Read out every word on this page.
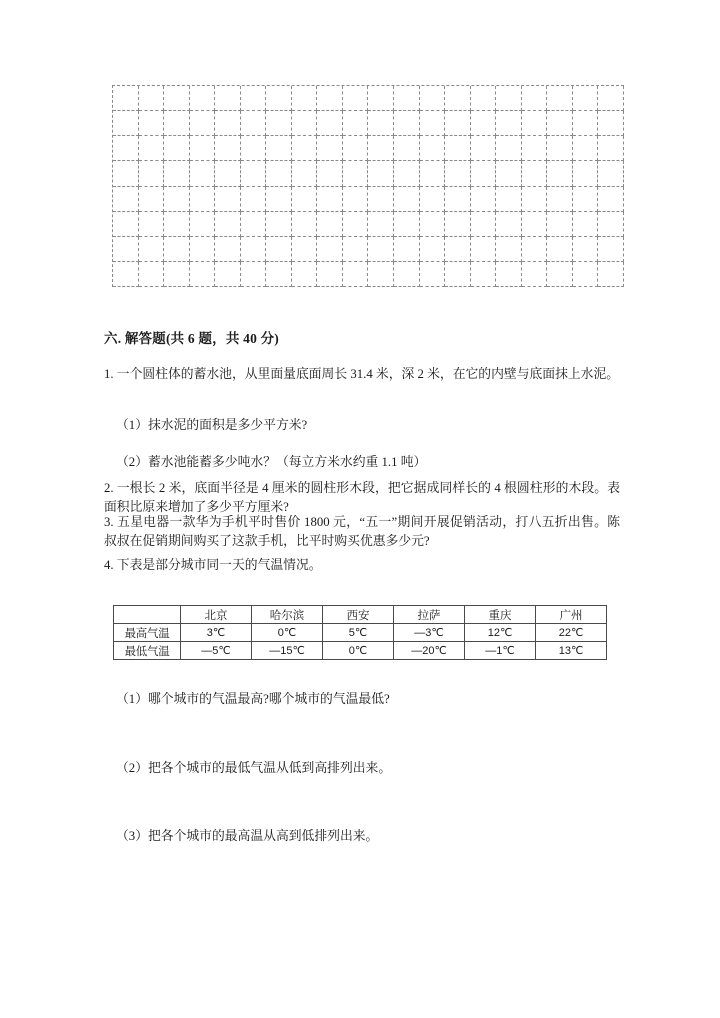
六. 解答题(共 6 题，共 40 分)
1. 一个圆柱体的蓄水池，从里面量底面周长 31.4 米，深 2 米，在它的内壁与底面抹上水泥。
（1）抹水泥的面积是多少平方米?
（2）蓄水池能蓄多少吨水？（每立方米水约重 1.1 吨）
2. 一根长 2 米，底面半径是 4 厘米的圆柱形木段，把它据成同样长的 4 根圆柱形的木段。表面积比原来增加了多少平方厘米?
3. 五星电器一款华为手机平时售价 1800 元，“五一”期间开展促销活动，打八五折出售。陈叔叔在促销期间购买了这款手机，比平时购买优惠多少元?
4. 下表是部分城市同一天的气温情况。
	北京	哈尔滨	西安	拉萨	重庆	广州
最高气温	3℃	0℃	5℃	—3℃	12℃	22℃
最低气温	—5℃	—15℃	0℃	—20℃	—1℃	13℃
（1）哪个城市的气温最高?哪个城市的气温最低?
（2）把各个城市的最低气温从低到高排列出来。
（3）把各个城市的最高温从高到低排列出来。
